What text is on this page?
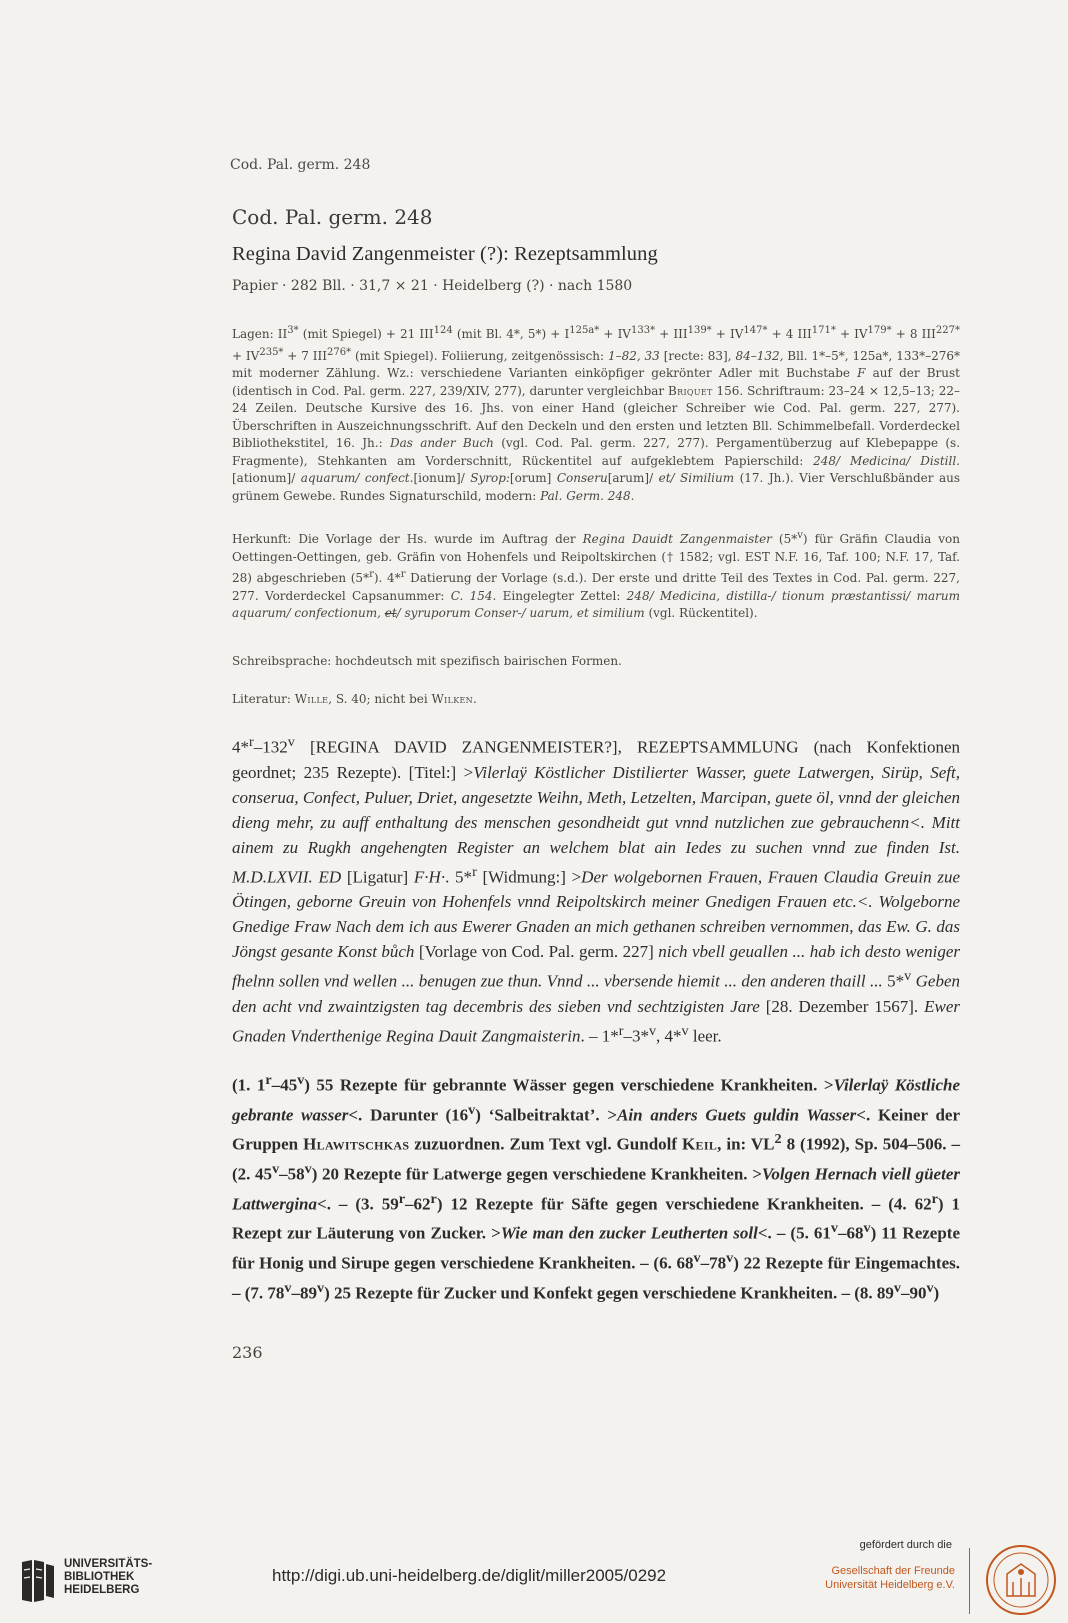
Cod. Pal. germ. 248
Cod. Pal. germ. 248
Regina David Zangenmeister (?): Rezeptsammlung
Papier · 282 Bll. · 31,7 × 21 · Heidelberg (?) · nach 1580
Lagen: $II^{3*}$ (mit Spiegel) + 21 III$^{124}$ (mit Bl. 4*, $5*) + I^{125a*} + IV^{133*} + III^{139*} + IV^{147*} + 4$ $III^{171*} + IV^{179*} + 8$ $III^{227*} + IV^{235*} + 7$ $III^{276*}$ (mit Spiegel). Foliierung, zeitgenössisch: 1–82, 33 [recte: 83], 84–132, Bll. 1*–5*, 125a*, 133*–276* mit moderner Zählung. Wz.: verschiedene Varianten einköpfiger gekrönter Adler mit Buchstabe F auf der Brust (identisch in Cod. Pal. germ. 227, 239/XIV, 277), darunter vergleichbar Briquet 156. Schriftraum: 23–24 × 12,5–13; 22–24 Zeilen. Deutsche Kursive des 16. Jhs. von einer Hand (gleicher Schreiber wie Cod. Pal. germ. 227, 277). Überschriften in Auszeichnungsschrift. Auf den Deckeln und den ersten und letzten Bll. Schimmelbefall. Vorderdeckel Bibliothekstitel, 16. Jh.: Das ander Buch (vgl. Cod. Pal. germ. 227, 277). Pergamentüberzug auf Klebepappe (s. Fragmente), Stehkanten am Vorderschnitt, Rückentitel auf aufgeklebtem Papierschild: 248/ Medicina/ Distill.[ationum]/ aquarum/ confect.[ionum]/ Syrop:[orum] Conseru[arum]/ et/ Similium (17. Jh.). Vier Verschlußbänder aus grünem Gewebe. Rundes Signaturschild, modern: Pal. Germ. 248.
Herkunft: Die Vorlage der Hs. wurde im Auftrag der Regina Dauidt Zangenmaister (5*$^v$) für Gräfin Claudia von Oettingen-Oettingen, geb. Gräfin von Hohenfels und Reipoltskirchen († 1582; vgl. EST N.F. 16, Taf. 100; N.F. 17, Taf. 28) abgeschrieben (5*$^r$). 4*$^r$ Datierung der Vorlage (s.d.). Der erste und dritte Teil des Textes in Cod. Pal. germ. 227, 277. Vorderdeckel Capsanummer: C. 154. Eingelegter Zettel: 248/ Medicina, distilla-/ tionum præstantissi/ marum aquarum/ confectionum, et/ syruporum Conser-/ uarum, et similium (vgl. Rückentitel).
Schreibsprache: hochdeutsch mit spezifisch bairischen Formen.
Literatur: Wille, S. 40; nicht bei Wilken.
4*$^r$–132$^v$ [REGINA DAVID ZANGENMEISTER?], REZEPTSAMMLUNG (nach Konfektionen geordnet; 235 Rezepte). [Titel:] >Vilerlaÿ Köstlicher Distilierter Wasser, guete Latwergen, Sirüp, Seft, conserua, Confect, Puluer, Driet, angesetzte Weihn, Meth, Letzelten, Marcipan, guete öl, vnnd der gleichen dieng mehr, zu auff enthaltung des menschen gesondheidt gut vnnd nutzlichen zue gebrauchenn<. Mitt ainem zu Rugkh angehengten Register an welchem blat ain Iedes zu suchen vnnd zue finden Ist. M.D.LXVII. ED [Ligatur] F·H·. 5*$^r$ [Widmung:] >Der wolgebornen Frauen, Frauen Claudia Greuin zue Ötingen, geborne Greuin von Hohenfels vnnd Reipoltskirch meiner Gnedigen Frauen etc.<. Wolgeborne Gnedige Fraw Nach dem ich aus Ewerer Gnaden an mich gethanen schreiben vernommen, das Ew. G. das Jöngst gesante Konst bůch [Vorlage von Cod. Pal. germ. 227] nich vbell geuallen ... hab ich desto weniger fhelnn sollen vnd wellen ... benugen zue thun. Vnnd ... vbersende hiemit ... den anderen thaill ... 5*$^v$ Geben den acht vnd zwaintzigsten tag decembris des sieben vnd sechtzigisten Jare [28. Dezember 1567]. Ewer Gnaden Vnderthenige Regina Dauit Zangmaisterin. – 1*$^r$–3*$^v$, 4*$^v$ leer.
(1. 1$^r$–45$^v$) 55 Rezepte für gebrannte Wässer gegen verschiedene Krankheiten. >Vilerlaÿ Köstliche gebrante wasser<. Darunter (16$^v$) ‘Salbeitraktat’. >Ain anders Guets guldin Wasser<. Keiner der Gruppen Hlawitschkas zuzuordnen. Zum Text vgl. Gundolf Keil, in: $VL^2$ 8 (1992), Sp. 504–506. – (2. 45$^v$–58$^v$) 20 Rezepte für Latwerge gegen verschiedene Krankheiten. >Volgen Hernach viell güeter Lattwergina<. – (3. 59$^r$–62$^r$) 12 Rezepte für Säfte gegen verschiedene Krankheiten. – (4. 62$^r$) 1 Rezept zur Läuterung von Zucker. >Wie man den zucker Leutherten soll<. – (5. 61$^v$–68$^v$) 11 Rezepte für Honig und Sirupe gegen verschiedene Krankheiten. – (6. 68$^v$–78$^v$) 22 Rezepte für Eingemachtes. – (7. 78$^v$–89$^v$) 25 Rezepte für Zucker und Konfekt gegen verschiedene Krankheiten. – (8. 89$^v$–90$^v$)
236
UNIVERSITÄTS-
BIBLIOTHEK
HEIDELBERG
http://digi.ub.uni-heidelberg.de/diglit/miller2005/0292
gefördert durch die
Gesellschaft der Freunde
Universität Heidelberg e.V.
